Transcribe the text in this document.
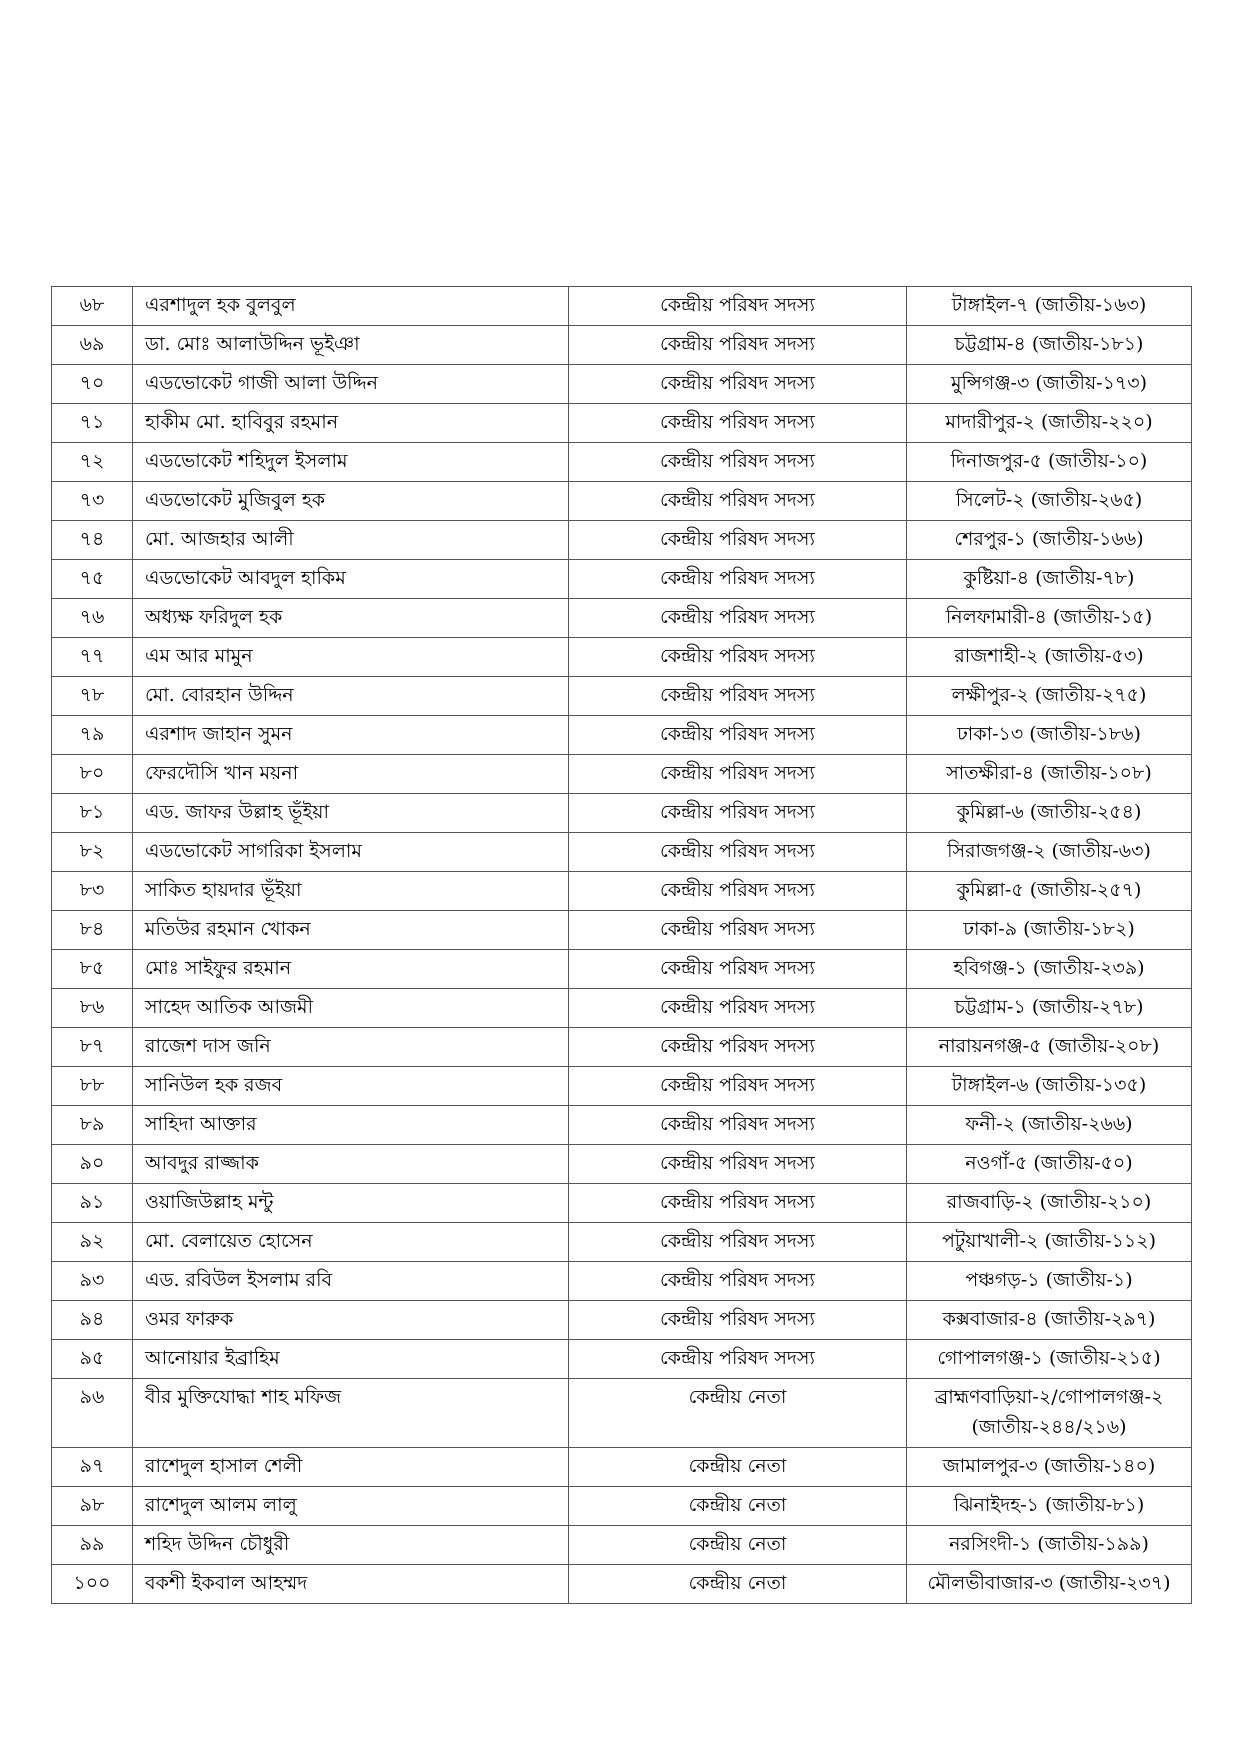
৬৮	এরশাদুল হক বুলবুল	কেন্দ্রীয় পরিষদ সদস্য	টাঙ্গাইল-৭ (জাতীয়-১৬৩)
৬৯	ডা. মোঃ আলাউদ্দিন ভূইঞা	কেন্দ্রীয় পরিষদ সদস্য	চট্টগ্রাম-৪ (জাতীয়-১৮১)
৭০	এডভোকেট গাজী আলা উদ্দিন	কেন্দ্রীয় পরিষদ সদস্য	মুন্সিগঞ্জ-৩ (জাতীয়-১৭৩)
৭১	হাকীম মো. হাবিবুর রহমান	কেন্দ্রীয় পরিষদ সদস্য	মাদারীপুর-২ (জাতীয়-২২০)
৭২	এডভোকেট শহিদুল ইসলাম	কেন্দ্রীয় পরিষদ সদস্য	দিনাজপুর-৫ (জাতীয়-১০)
৭৩	এডভোকেট মুজিবুল হক	কেন্দ্রীয় পরিষদ সদস্য	সিলেট-২ (জাতীয়-২৬৫)
৭৪	মো. আজহার আলী	কেন্দ্রীয় পরিষদ সদস্য	শেরপুর-১ (জাতীয়-১৬৬)
৭৫	এডভোকেট আবদুল হাকিম	কেন্দ্রীয় পরিষদ সদস্য	কুষ্টিয়া-৪ (জাতীয়-৭৮)
৭৬	অধ্যক্ষ ফরিদুল হক	কেন্দ্রীয় পরিষদ সদস্য	নিলফামারী-৪ (জাতীয়-১৫)
৭৭	এম আর মামুন	কেন্দ্রীয় পরিষদ সদস্য	রাজশাহী-২ (জাতীয়-৫৩)
৭৮	মো. বোরহান উদ্দিন	কেন্দ্রীয় পরিষদ সদস্য	লক্ষীপুর-২ (জাতীয়-২৭৫)
৭৯	এরশাদ জাহান সুমন	কেন্দ্রীয় পরিষদ সদস্য	ঢাকা-১৩ (জাতীয়-১৮৬)
৮০	ফেরদৌসি খান ময়না	কেন্দ্রীয় পরিষদ সদস্য	সাতক্ষীরা-৪ (জাতীয়-১০৮)
৮১	এড. জাফর উল্লাহ ভূঁইয়া	কেন্দ্রীয় পরিষদ সদস্য	কুমিল্লা-৬ (জাতীয়-২৫৪)
৮২	এডভোকেট সাগরিকা ইসলাম	কেন্দ্রীয় পরিষদ সদস্য	সিরাজগঞ্জ-২ (জাতীয়-৬৩)
৮৩	সাকিত হায়দার ভূঁইয়া	কেন্দ্রীয় পরিষদ সদস্য	কুমিল্লা-৫ (জাতীয়-২৫৭)
৮৪	মতিউর রহমান খোকন	কেন্দ্রীয় পরিষদ সদস্য	ঢাকা-৯ (জাতীয়-১৮২)
৮৫	মোঃ সাইফুর রহমান	কেন্দ্রীয় পরিষদ সদস্য	হবিগঞ্জ-১ (জাতীয়-২৩৯)
৮৬	সাহেদ আতিক আজমী	কেন্দ্রীয় পরিষদ সদস্য	চট্টগ্রাম-১ (জাতীয়-২৭৮)
৮৭	রাজেশ দাস জনি	কেন্দ্রীয় পরিষদ সদস্য	নারায়নগঞ্জ-৫ (জাতীয়-২০৮)
৮৮	সানিউল হক রজব	কেন্দ্রীয় পরিষদ সদস্য	টাঙ্গাইল-৬ (জাতীয়-১৩৫)
৮৯	সাহিদা আক্তার	কেন্দ্রীয় পরিষদ সদস্য	ফনী-২ (জাতীয়-২৬৬)
৯০	আবদুর রাজ্জাক	কেন্দ্রীয় পরিষদ সদস্য	নওগাঁ-৫ (জাতীয়-৫০)
৯১	ওয়াজিউল্লাহ মন্টু	কেন্দ্রীয় পরিষদ সদস্য	রাজবাড়ি-২ (জাতীয়-২১০)
৯২	মো. বেলায়েত হোসেন	কেন্দ্রীয় পরিষদ সদস্য	পটুয়াখালী-২ (জাতীয়-১১২)
৯৩	এড. রবিউল ইসলাম রবি	কেন্দ্রীয় পরিষদ সদস্য	পঞ্চগড়-১ (জাতীয়-১)
৯৪	ওমর ফারুক	কেন্দ্রীয় পরিষদ সদস্য	কক্সবাজার-৪ (জাতীয়-২৯৭)
৯৫	আনোয়ার ইব্রাহিম	কেন্দ্রীয় পরিষদ সদস্য	গোপালগঞ্জ-১ (জাতীয়-২১৫)
৯৬	বীর মুক্তিযোদ্ধা শাহ মফিজ	কেন্দ্রীয় নেতা	ব্রাহ্মণবাড়িয়া-২/গোপালগঞ্জ-২ (জাতীয়-২৪৪/২১৬)
৯৭	রাশেদুল হাসাল শেলী	কেন্দ্রীয় নেতা	জামালপুর-৩ (জাতীয়-১৪০)
৯৮	রাশেদুল আলম লালু	কেন্দ্রীয় নেতা	ঝিনাইদহ-১ (জাতীয়-৮১)
৯৯	শহিদ উদ্দিন চৌধুরী	কেন্দ্রীয় নেতা	নরসিংদী-১ (জাতীয়-১৯৯)
১০০	বকশী ইকবাল আহম্মদ	কেন্দ্রীয় নেতা	মৌলভীবাজার-৩ (জাতীয়-২৩৭)
